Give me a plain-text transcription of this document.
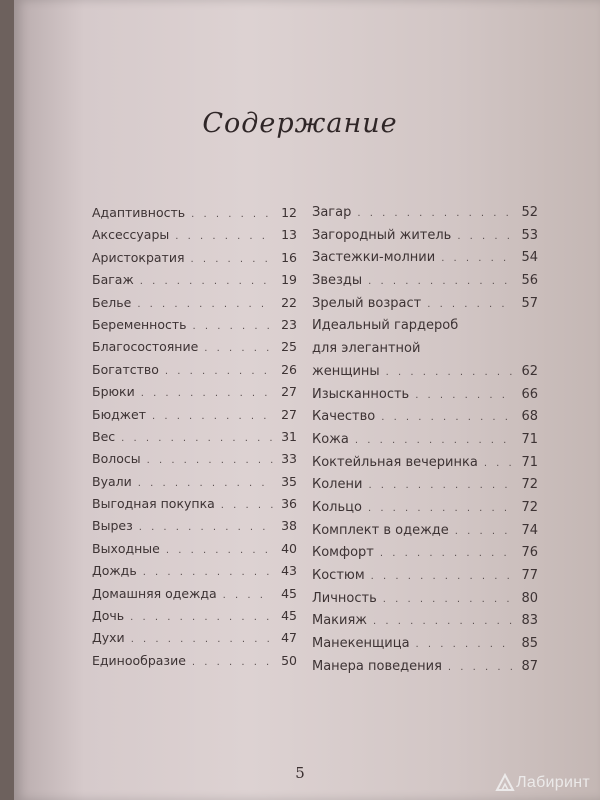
Содержание
Адаптивность . . .	12
Аксессуары . . .	13
Аристократия . . .	16
Багаж . . .	19
Белье . . .	22
Беременность . . .	23
Благосостояние . . .	25
Богатство . . .	26
Брюки . . .	27
Бюджет . . .	27
Вес . . .	31
Волосы . . .	33
Вуали . . .	35
Выгодная покупка . . .	36
Вырез . . .	38
Выходные . . .	40
Дождь . . .	43
Домашняя одежда . . .	45
Дочь . . .	45
Духи . . .	47
Единообразие . . .	50
Загар . . .	52
Загородный житель . . .	53
Застежки-молнии . . .	54
Звезды . . .	56
Зрелый возраст . . .	57
Идеальный гардероб
для элегантной
женщины . . .	62
Изысканность . . .	66
Качество . . .	68
Кожа . . .	71
Коктейльная вечеринка . . .	71
Колени . . .	72
Кольцо . . .	72
Комплект в одежде . . .	74
Комфорт . . .	76
Костюм . . .	77
Личность . . .	80
Макияж . . .	83
Манекенщица . . .	85
Манера поведения . . .	87
5
Лабиринт
